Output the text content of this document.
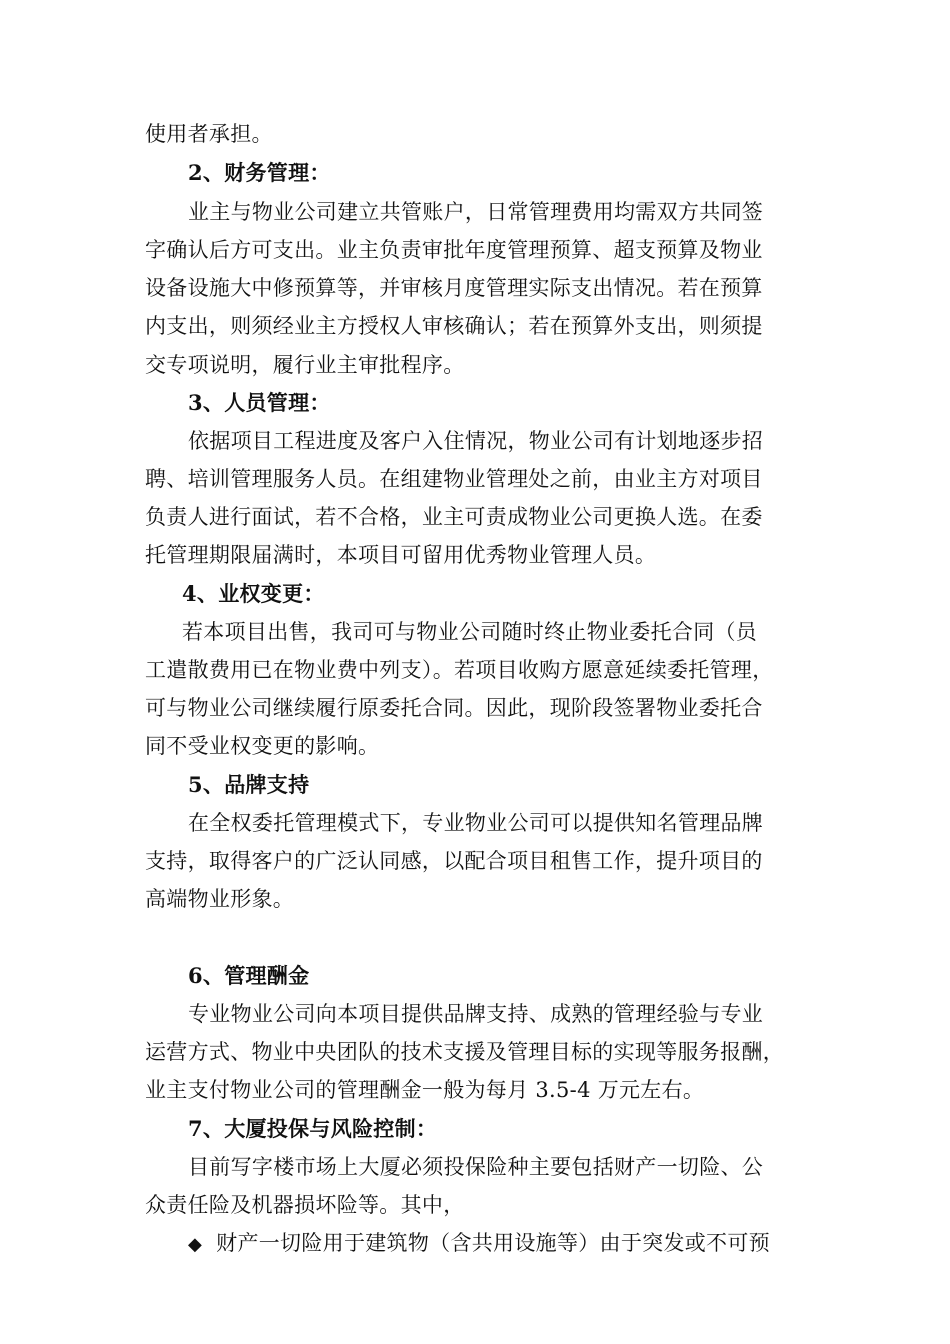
使用者承担。
2、财务管理：
业主与物业公司建立共管账户，日常管理费用均需双方共同签
字确认后方可支出。业主负责审批年度管理预算、超支预算及物业
设备设施大中修预算等，并审核月度管理实际支出情况。若在预算
内支出，则须经业主方授权人审核确认；若在预算外支出，则须提
交专项说明，履行业主审批程序。
3、人员管理：
依据项目工程进度及客户入住情况，物业公司有计划地逐步招
聘、培训管理服务人员。在组建物业管理处之前，由业主方对项目
负责人进行面试，若不合格，业主可责成物业公司更换人选。在委
托管理期限届满时，本项目可留用优秀物业管理人员。
4、业权变更：
若本项目出售，我司可与物业公司随时终止物业委托合同（员
工遣散费用已在物业费中列支）。若项目收购方愿意延续委托管理，
可与物业公司继续履行原委托合同。因此，现阶段签署物业委托合
同不受业权变更的影响。
5、品牌支持
在全权委托管理模式下，专业物业公司可以提供知名管理品牌
支持，取得客户的广泛认同感，以配合项目租售工作，提升项目的
高端物业形象。
6、管理酬金
专业物业公司向本项目提供品牌支持、成熟的管理经验与专业
运营方式、物业中央团队的技术支援及管理目标的实现等服务报酬，
业主支付物业公司的管理酬金一般为每月 3.5-4 万元左右。
7、大厦投保与风险控制：
目前写字楼市场上大厦必须投保险种主要包括财产一切险、公
众责任险及机器损坏险等。其中，
◆ 财产一切险用于建筑物（含共用设施等）由于突发或不可预
